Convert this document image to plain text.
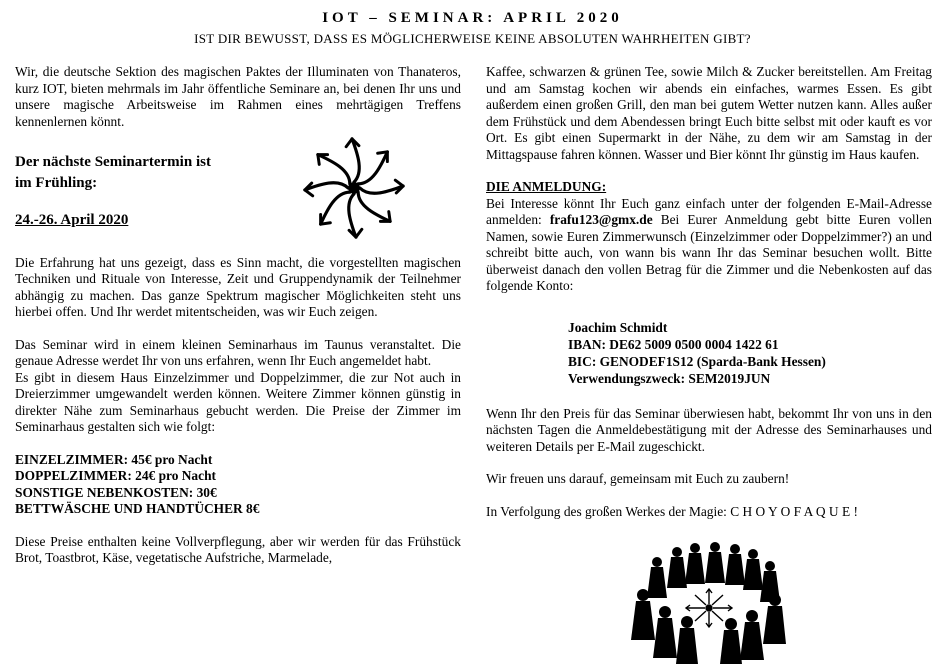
IOT – SEMINAR: APRIL 2020
IST DIR BEWUSST, DASS ES MÖGLICHERWEISE KEINE ABSOLUTEN WAHRHEITEN GIBT?

Wir, die deutsche Sektion des magischen Paktes der Illuminaten von Thanateros, kurz IOT, bieten mehrmals im Jahr öffentliche Seminare an, bei denen Ihr uns und unsere magische Arbeitsweise im Rahmen eines mehrtägigen Treffens kennenlernen könnt.

Der nächste Seminartermin ist

im Frühling:

24.-26. April 2020

Die Erfahrung hat uns gezeigt, dass es Sinn macht, die vorgestellten magischen Techniken und Rituale von Interesse, Zeit und Gruppendynamik der Teilnehmer abhängig zu machen. Das ganze Spektrum magischer Möglichkeiten steht uns hierbei offen. Und Ihr werdet mitentscheiden, was wir Euch zeigen.

Das Seminar wird in einem kleinen Seminarhaus im Taunus veranstaltet. Die genaue Adresse werdet Ihr von uns erfahren, wenn Ihr Euch angemeldet habt.

Es gibt in diesem Haus Einzelzimmer und Doppelzimmer, die zur Not auch in Dreierzimmer umgewandelt werden können. Weitere Zimmer können günstig in direkter Nähe zum Seminarhaus gebucht werden. Die Preise der Zimmer im Seminarhaus gestalten sich wie folgt:

EINZELZIMMER: 45€ pro Nacht

DOPPELZIMMER: 24€ pro Nacht

SONSTIGE NEBENKOSTEN: 30€

BETTWÄSCHE UND HANDTÜCHER 8€

Diese Preise enthalten keine Vollverpflegung, aber wir werden für das Frühstück Brot, Toastbrot, Käse, vegetatische Aufstriche, Marmelade,

Kaffee, schwarzen & grünen Tee, sowie Milch & Zucker bereitstellen. Am Freitag und am Samstag kochen wir abends ein einfaches, warmes Essen. Es gibt außerdem einen großen Grill, den man bei gutem Wetter nutzen kann. Alles außer dem Frühstück und dem Abendessen bringt Euch bitte selbst mit oder kauft es vor Ort. Es gibt einen Supermarkt in der Nähe, zu dem wir am Samstag in der Mittagspause fahren können. Wasser und Bier könnt Ihr günstig im Haus kaufen.

DIE ANMELDUNG:

Bei Interesse könnt Ihr Euch ganz einfach unter der folgenden E-Mail-Adresse anmelden: frafu123@gmx.de Bei Eurer Anmeldung gebt bitte Euren vollen Namen, sowie Euren Zimmerwunsch (Einzelzimmer oder Doppelzimmer?) an und schreibt bitte auch, von wann bis wann Ihr das Seminar besuchen wollt. Bitte überweist danach den vollen Betrag für die Zimmer und die Nebenkosten auf das folgende Konto:

Joachim Schmidt

IBAN: DE62 5009 0500 0004 1422 61

BIC: GENODEF1S12 (Sparda-Bank Hessen)

Verwendungszweck: SEM2019JUN

Wenn Ihr den Preis für das Seminar überwiesen habt, bekommt Ihr von uns in den nächsten Tagen die Anmeldebestätigung mit der Adresse des Seminarhauses und weiteren Details per E-Mail zugeschickt.

Wir freuen uns darauf, gemeinsam mit Euch zu zaubern!

In Verfolgung des großen Werkes der Magie: C H O Y O F A Q U E !
